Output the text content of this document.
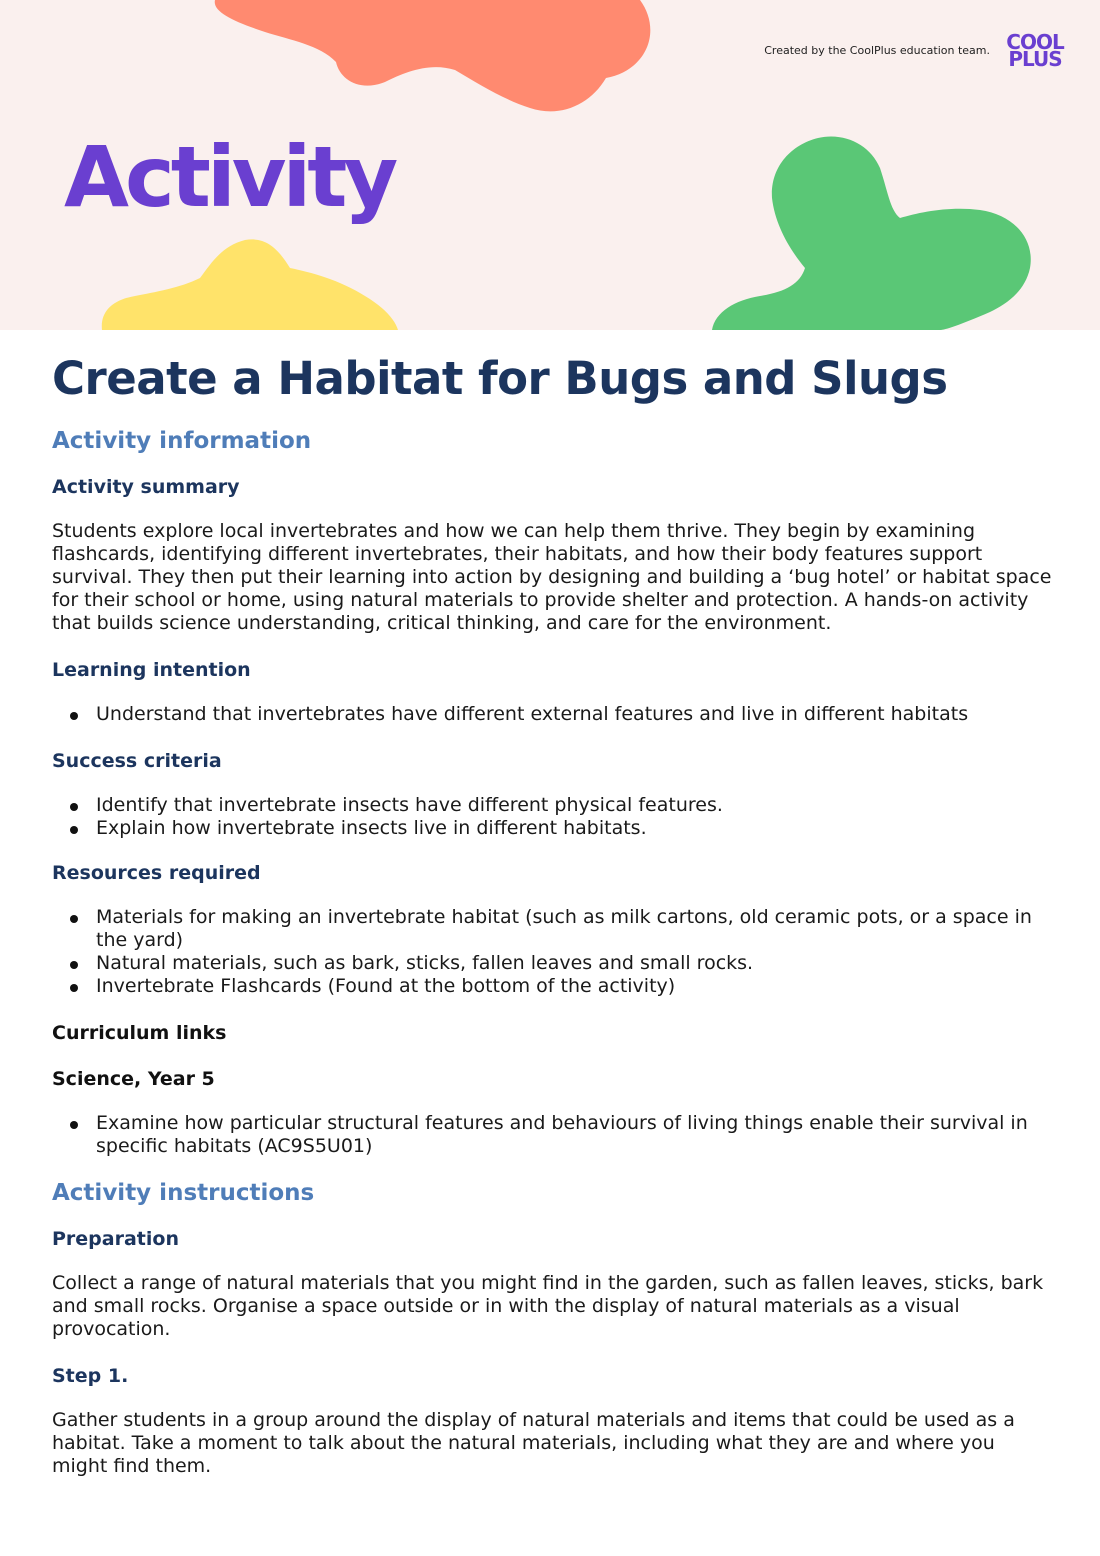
Created by the CoolPlus education team. COOL
PLUS
Activity
Create a Habitat for Bugs and Slugs
Activity information
Activity summary

Students explore local invertebrates and how we can help them thrive. They begin by examining flashcards, identifying different invertebrates, their habitats, and how their body features support survival. They then put their learning into action by designing and building a ‘bug hotel’ or habitat space for their school or home, using natural materials to provide shelter and protection. A hands-on activity that builds science understanding, critical thinking, and care for the environment.

Learning intention
Understand that invertebrates have different external features and live in different habitats
Success criteria
Identify that invertebrate insects have different physical features.
Explain how invertebrate insects live in different habitats.
Resources required
Materials for making an invertebrate habitat (such as milk cartons, old ceramic pots, or a space in the yard)
Natural materials, such as bark, sticks, fallen leaves and small rocks.
Invertebrate Flashcards (Found at the bottom of the activity)
Curriculum links
Science, Year 5
Examine how particular structural features and behaviours of living things enable their survival in specific habitats (AC9S5U01)
Activity instructions
Preparation

Collect a range of natural materials that you might find in the garden, such as fallen leaves, sticks, bark and small rocks. Organise a space outside or in with the display of natural materials as a visual provocation.

Step 1.

Gather students in a group around the display of natural materials and items that could be used as a habitat. Take a moment to talk about the natural materials, including what they are and where you might find them.
